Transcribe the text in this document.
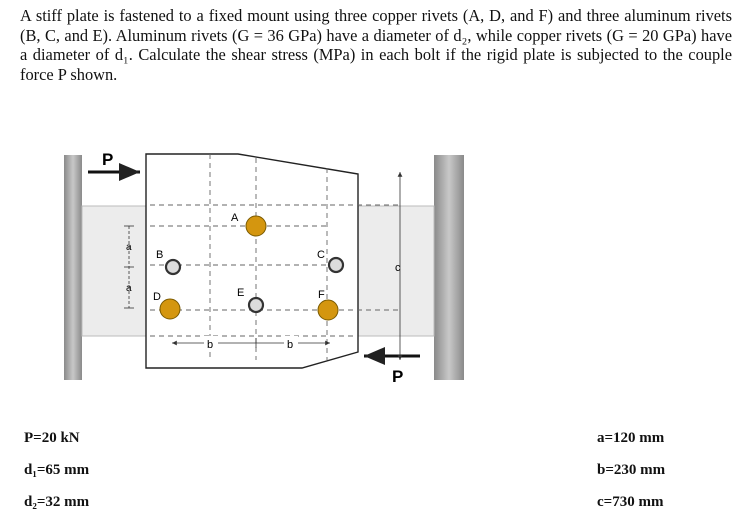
A stiff plate is fastened to a fixed mount using three copper rivets (A, D, and F) and three aluminum rivets (B, C, and E). Aluminum rivets (G = 36 GPa) have a diameter of d₂, while copper rivets (G = 20 GPa) have a diameter of d₁. Calculate the shear stress (MPa) in each bolt if the rigid plate is subjected to the couple force P shown.

P
P
a
a
b	b
c
A
B	C
D	E	F

P=20 kN

d₁=65 mm

d₂=32 mm

a=120 mm

b=230 mm

c=730 mm
